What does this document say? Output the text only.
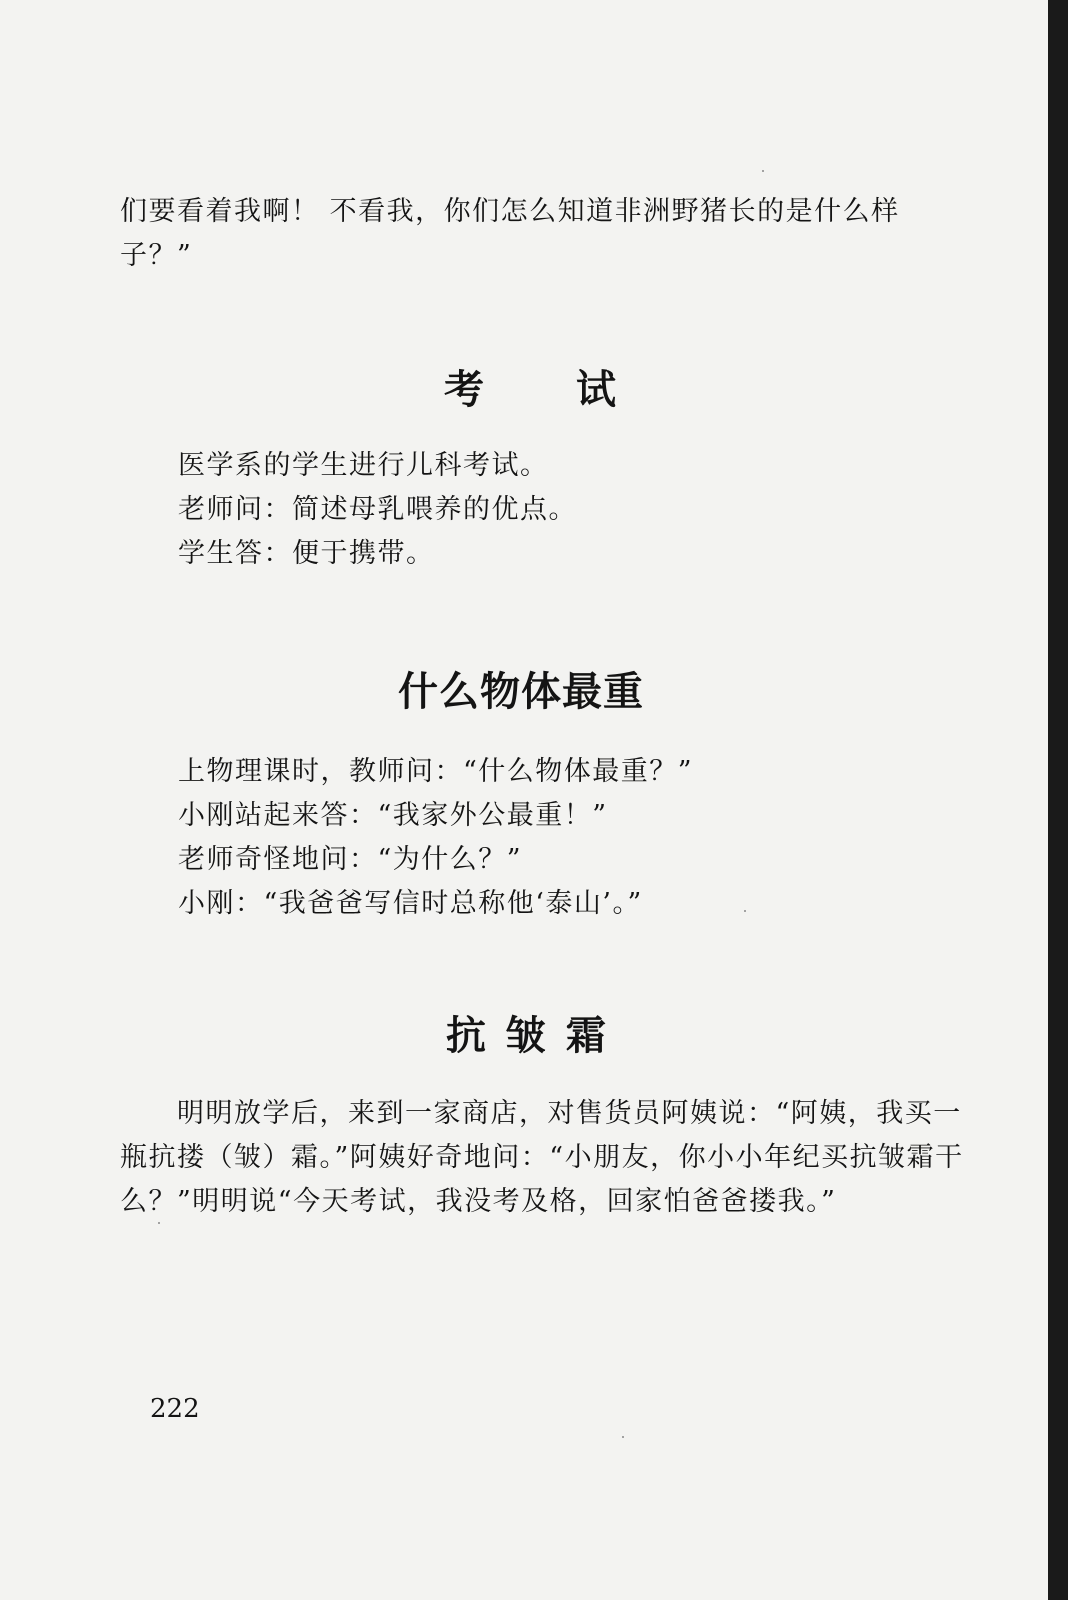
们要看着我啊！ 不看我，你们怎么知道非洲野猪长的是什么样
子？”

考　　试

医学系的学生进行儿科考试。
老师问：简述母乳喂养的优点。
学生答：便于携带。

什么物体最重

上物理课时，教师问：“什么物体最重？”
小刚站起来答：“我家外公最重！”
老师奇怪地问：“为什么？”
小刚：“我爸爸写信时总称他‘泰山’。”

抗 皱 霜

　　明明放学后，来到一家商店，对售货员阿姨说：“阿姨，我买一
瓶抗搂（皱）霜。”阿姨好奇地问：“小朋友，你小小年纪买抗皱霜干
么？”明明说“今天考试，我没考及格，回家怕爸爸搂我。”

222
